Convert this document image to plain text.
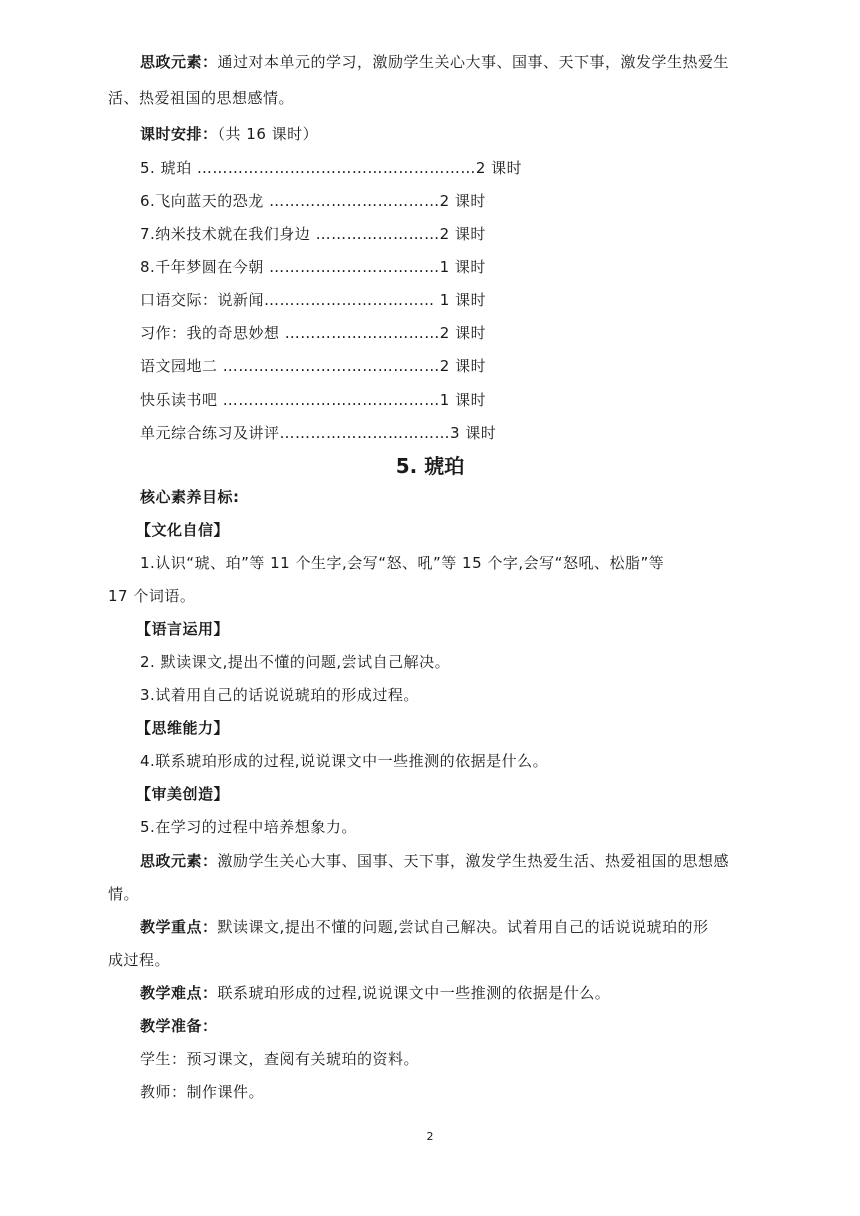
思政元素：通过对本单元的学习，激励学生关心大事、国事、天下事，激发学生热爱生
活、热爱祖国的思想感情。
课时安排：（共 16 课时）
5. 琥珀 ………………………………………………2 课时
6.飞向蓝天的恐龙 ……………………………2 课时
7.纳米技术就在我们身边 ……………………2 课时
8.千年梦圆在今朝 ……………………………1 课时
口语交际：说新闻…………………………… 1 课时
习作：我的奇思妙想 …………………………2 课时
语文园地二 ……………………………………2 课时
快乐读书吧 ……………………………………1 课时
单元综合练习及讲评……………………………3 课时
5. 琥珀
核心素养目标:
【文化自信】
1.认识“琥、珀”等 11 个生字,会写“怒、吼”等 15 个字,会写“怒吼、松脂”等
17 个词语。
【语言运用】
2. 默读课文,提出不懂的问题,尝试自己解决。
3.试着用自己的话说说琥珀的形成过程。
【思维能力】
4.联系琥珀形成的过程,说说课文中一些推测的依据是什么。
【审美创造】
5.在学习的过程中培养想象力。
思政元素：激励学生关心大事、国事、天下事，激发学生热爱生活、热爱祖国的思想感
情。
教学重点：默读课文,提出不懂的问题,尝试自己解决。试着用自己的话说说琥珀的形
成过程。
教学难点：联系琥珀形成的过程,说说课文中一些推测的依据是什么。
教学准备：
学生：预习课文，查阅有关琥珀的资料。
教师：制作课件。
2
